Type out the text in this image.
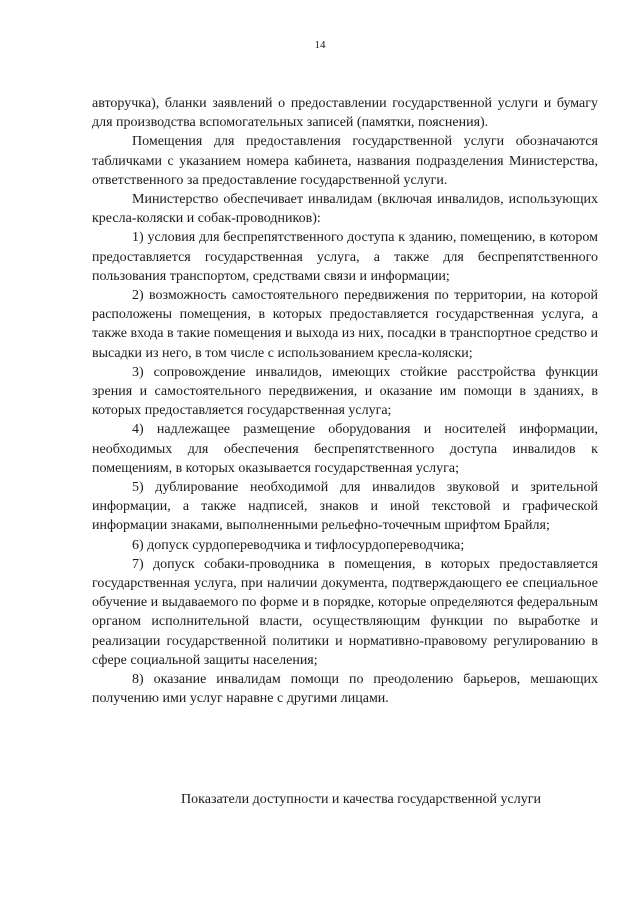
14

авторучка), бланки заявлений о предоставлении государственной услуги и бумагу для производства вспомогательных записей (памятки, пояснения).

Помещения для предоставления государственной услуги обозначаются табличками с указанием номера кабинета, названия подразделения Министерства, ответственного за предоставление государственной услуги.

Министерство обеспечивает инвалидам (включая инвалидов, использующих кресла-коляски и собак-проводников):

1) условия для беспрепятственного доступа к зданию, помещению, в котором предоставляется государственная услуга, а также для беспрепятственного пользования транспортом, средствами связи и информации;

2) возможность самостоятельного передвижения по территории, на которой расположены помещения, в которых предоставляется государственная услуга, а также входа в такие помещения и выхода из них, посадки в транспортное средство и высадки из него, в том числе с использованием кресла-коляски;

3) сопровождение инвалидов, имеющих стойкие расстройства функции зрения и самостоятельного передвижения, и оказание им помощи в зданиях, в которых предоставляется государственная услуга;

4) надлежащее размещение оборудования и носителей информации, необходимых для обеспечения беспрепятственного доступа инвалидов к помещениям, в которых оказывается государственная услуга;

5) дублирование необходимой для инвалидов звуковой и зрительной информации, а также надписей, знаков и иной текстовой и графической информации знаками, выполненными рельефно-точечным шрифтом Брайля;

6) допуск сурдопереводчика и тифлосурдопереводчика;

7) допуск собаки-проводника в помещения, в которых предоставляется государственная услуга, при наличии документа, подтверждающего ее специальное обучение и выдаваемого по форме и в порядке, которые определяются федеральным органом исполнительной власти, осуществляющим функции по выработке и реализации государственной политики и нормативно-правовому регулированию в сфере социальной защиты населения;

8) оказание инвалидам помощи по преодолению барьеров, мешающих получению ими услуг наравне с другими лицами.

Показатели доступности и качества государственной услуги
